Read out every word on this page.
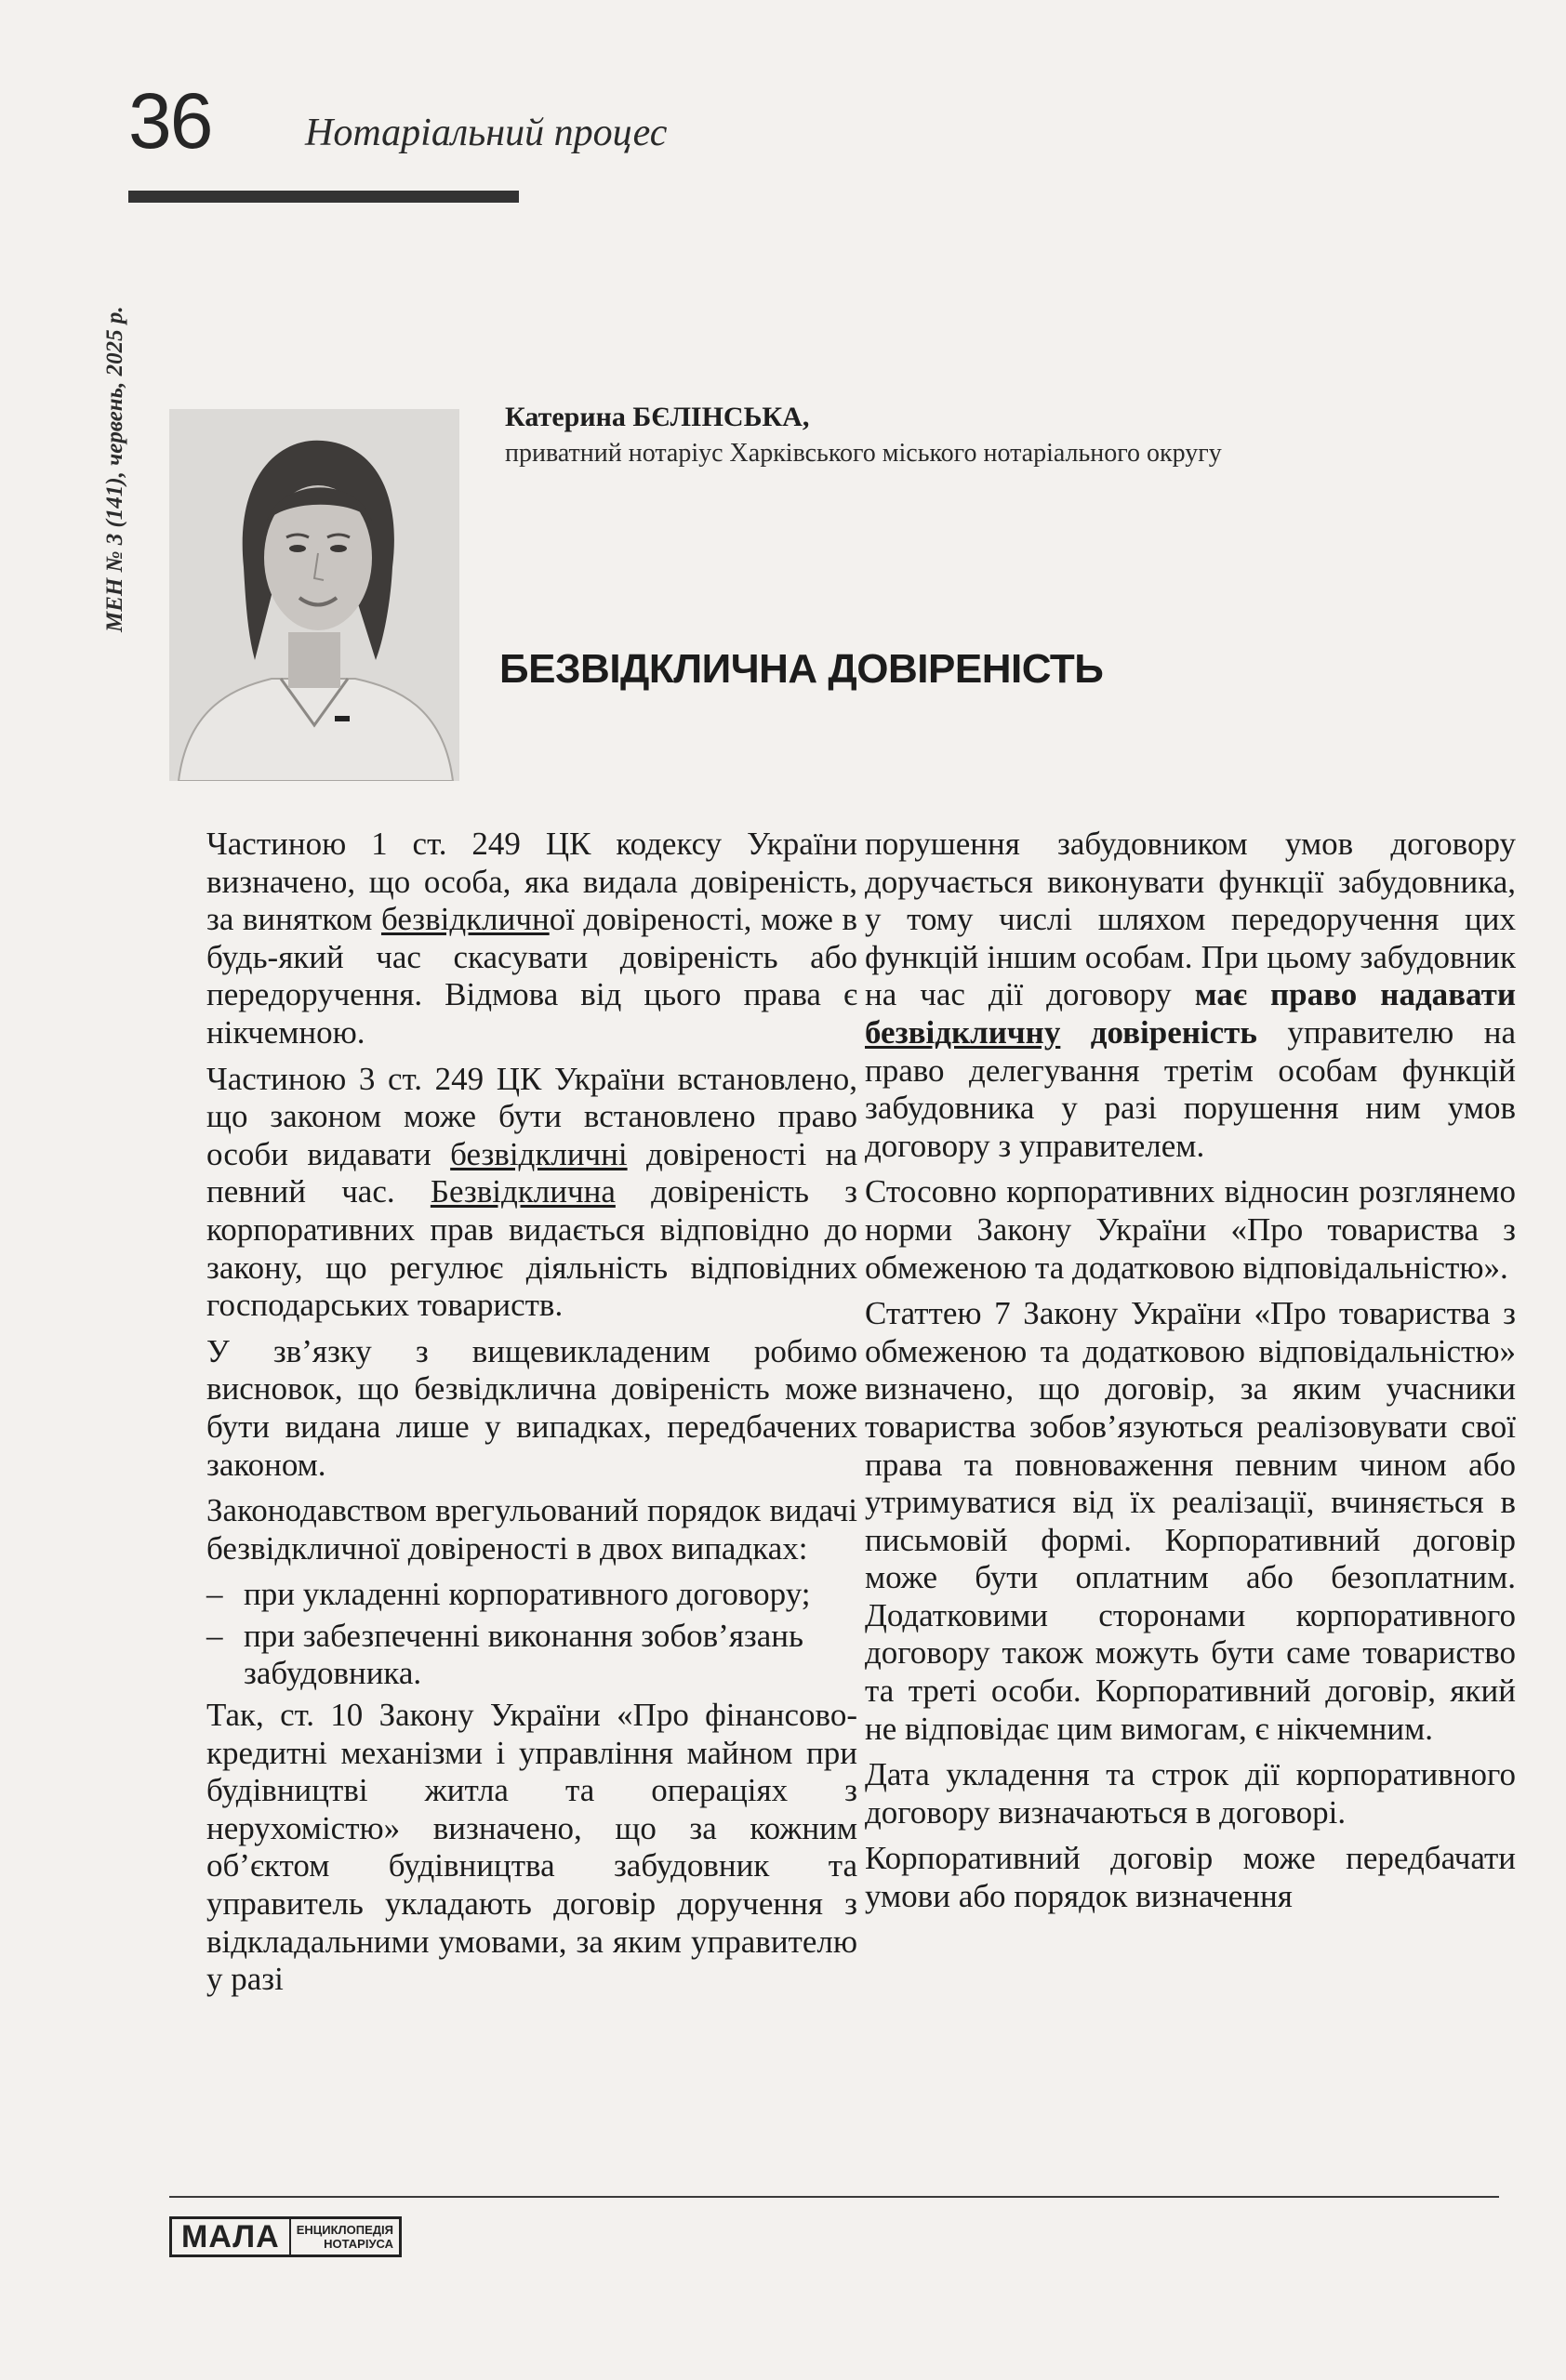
36 Нотаріальний процес
МЕН № 3 (141), червень, 2025 р.	Катерина БЄЛІНСЬКА,
приватний нотаріус Харківського міського нотаріального округу
БЕЗВІДКЛИЧНА ДОВІРЕНІСТЬ

Частиною 1 ст. 249 ЦК кодексу України визначено, що особа, яка видала довіреність, за винятком безвідкличної довіреності, може в будь-який час скасувати довіреність або передоручення. Відмова від цього права є нікчемною.

Частиною 3 ст. 249 ЦК України встановлено, що законом може бути встановлено право особи видавати безвідкличні довіреності на певний час. Безвідклична довіреність з корпоративних прав видається відповідно до закону, що регулює діяльність відповідних господарських товариств.

У зв’язку з вищевикладеним робимо висновок, що безвідклична довіреність може бути видана лише у випадках, передбачених законом.

Законодавством врегульований порядок видачі безвідкличної довіреності в двох випадках:

– при укладенні корпоративного договору;
– при забезпеченні виконання зобов’язань забудовника.

Так, ст. 10 Закону України «Про фінансово-кредитні механізми і управління майном при будівництві житла та операціях з нерухомістю» визначено, що за кожним об’єктом будівництва забудовник та управитель укладають договір доручення з відкладальними умовами, за яким управителю у разі

порушення забудовником умов договору доручається виконувати функції забудовника, у тому числі шляхом передоручення цих функцій іншим особам. При цьому забудовник на час дії договору має право надавати безвідкличну довіреність управителю на право делегування третім особам функцій забудовника у разі порушення ним умов договору з управителем.

Стосовно корпоративних відносин розглянемо норми Закону України «Про товариства з обмеженою та додатковою відповідальністю».

Статтею 7 Закону України «Про товариства з обмеженою та додатковою відповідальністю» визначено, що договір, за яким учасники товариства зобов’язуються реалізовувати свої права та повноваження певним чином або утримуватися від їх реалізації, вчиняється в письмовій формі. Корпоративний договір може бути оплатним або безоплатним. Додатковими сторонами корпоративного договору також можуть бути саме товариство та треті особи. Корпоративний договір, який не відповідає цим вимогам, є нікчемним.

Дата укладення та строк дії корпоративного договору визначаються в договорі.

Корпоративний договір може передбачати умови або порядок визначення

МАЛА	ЕНЦИКЛОПЕДІЯ
НОТАРІУСА
